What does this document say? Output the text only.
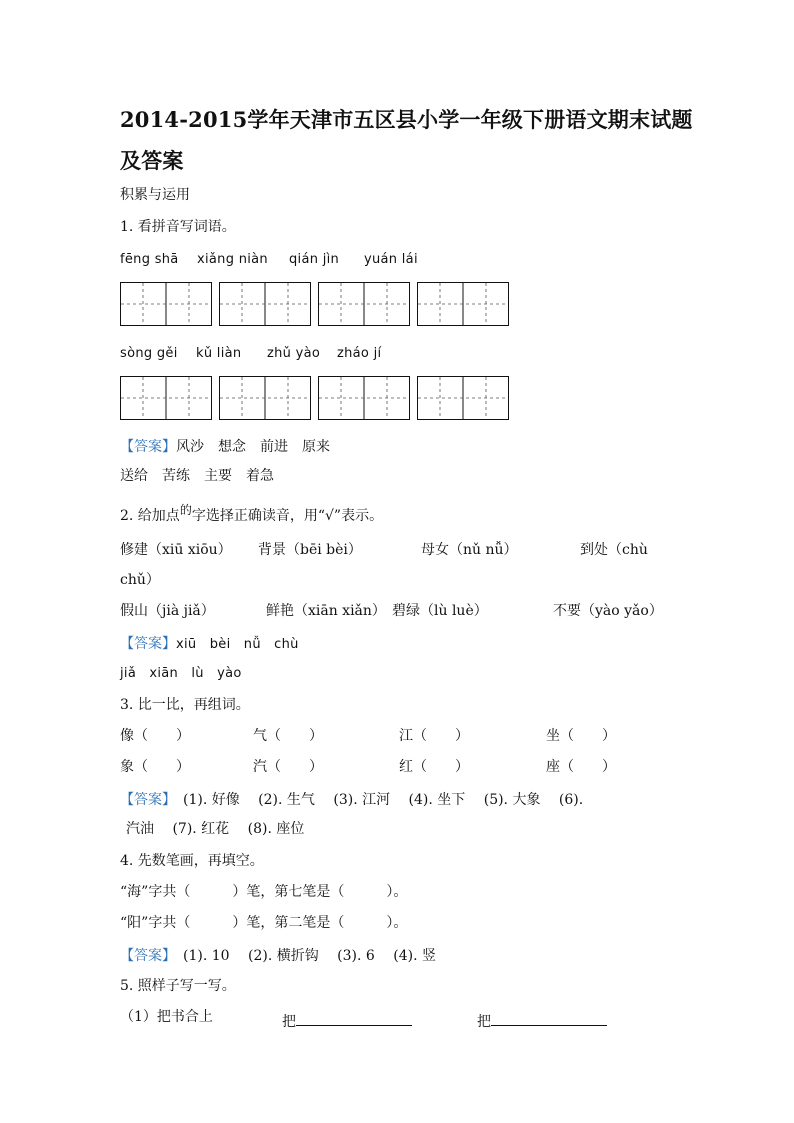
2014-2015学年天津市五区县小学一年级下册语文期末试题
及答案
积累与运用
1. 看拼音写词语。
fēng shā xiǎng niàn qián jìn yuán lái
sòng gěi kǔ liàn zhǔ yào zháo jí
【答案】风沙　想念　前进　原来
送给　苦练　主要　着急
2. 给加点的字选择正确读音，用“√”表示。
修建（xiū xiōu） 背景（bēi bèi）	母女（nǔ nǚ）	到处（chù
chǔ）
假山（jià jiǎ）	鲜艳（xiān xiǎn） 碧绿（lù luè）	不要（yào yǎo）
【答案】xiū　bèi　nǚ　chù
jiǎ　xiān　lù　yào
3. 比一比，再组词。
像（　　）	气（　　）	江（　　）	坐（　　）
象（　　）	汽（　　）	红（　　）	座（　　）
【答案】　(1). 好像　 (2). 生气　 (3). 江河　 (4). 坐下　 (5). 大象　 (6).
汽油　 (7). 红花　 (8). 座位
4. 先数笔画，再填空。
“海”字共（　　　）笔，第七笔是（　　　）。
“阳”字共（　　　）笔，第二笔是（　　　）。
【答案】　(1). 10　 (2). 横折钩　 (3). 6　 (4). 竖
5. 照样子写一写。
（1）把书合上	把	把
